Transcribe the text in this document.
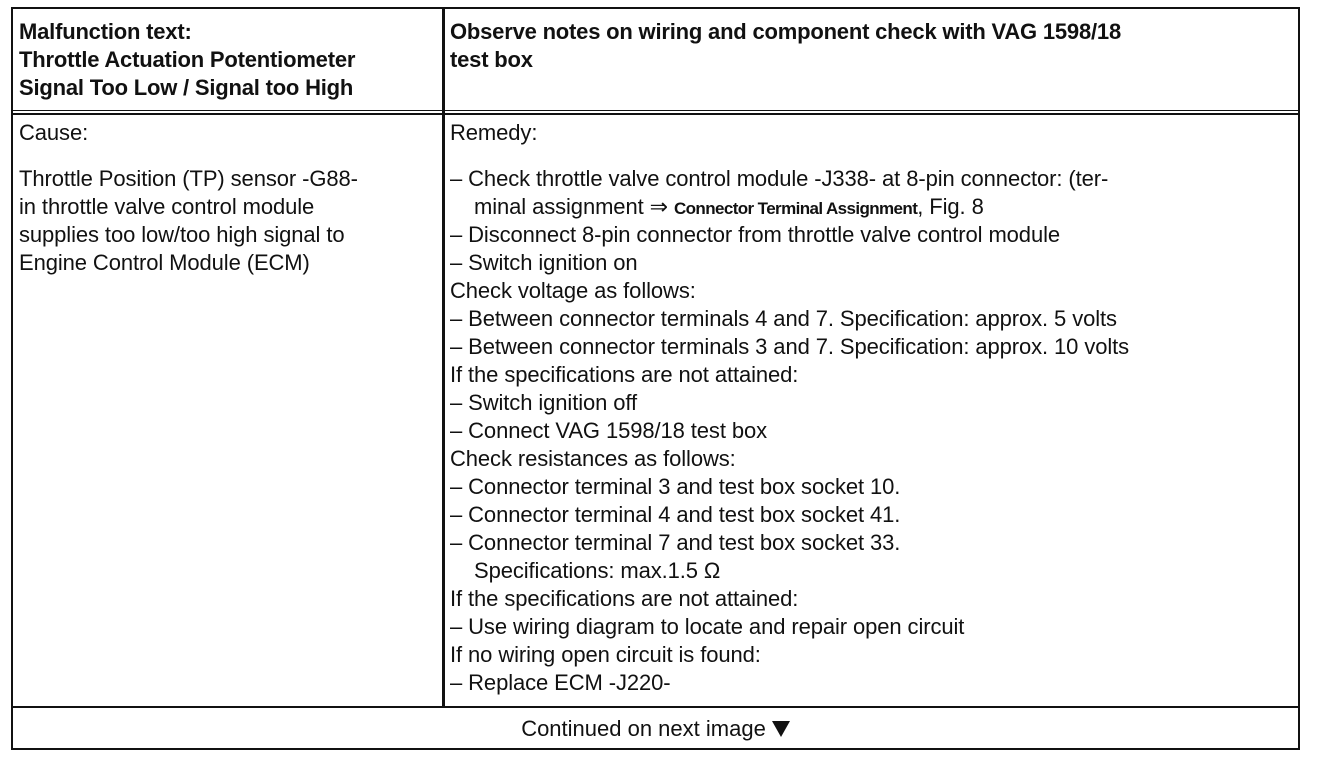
Malfunction text:
Throttle Actuation Potentiometer
Signal Too Low / Signal too High
Observe notes on wiring and component check with VAG 1598/18
test box
Cause:
Throttle Position (TP) sensor -G88-
in throttle valve control module
supplies too low/too high signal to
Engine Control Module (ECM)
Remedy:
– Check throttle valve control module -J338- at 8-pin connector: (ter-
minal assignment ⇒ Connector Terminal Assignment, Fig. 8
– Disconnect 8-pin connector from throttle valve control module
– Switch ignition on
Check voltage as follows:
– Between connector terminals 4 and 7. Specification: approx. 5 volts
– Between connector terminals 3 and 7. Specification: approx. 10 volts
If the specifications are not attained:
– Switch ignition off
– Connect VAG 1598/18 test box
Check resistances as follows:
– Connector terminal 3 and test box socket 10.
– Connector terminal 4 and test box socket 41.
– Connector terminal 7 and test box socket 33.
Specifications: max.1.5 Ω
If the specifications are not attained:
– Use wiring diagram to locate and repair open circuit
If no wiring open circuit is found:
– Replace ECM -J220-
Continued on next image
